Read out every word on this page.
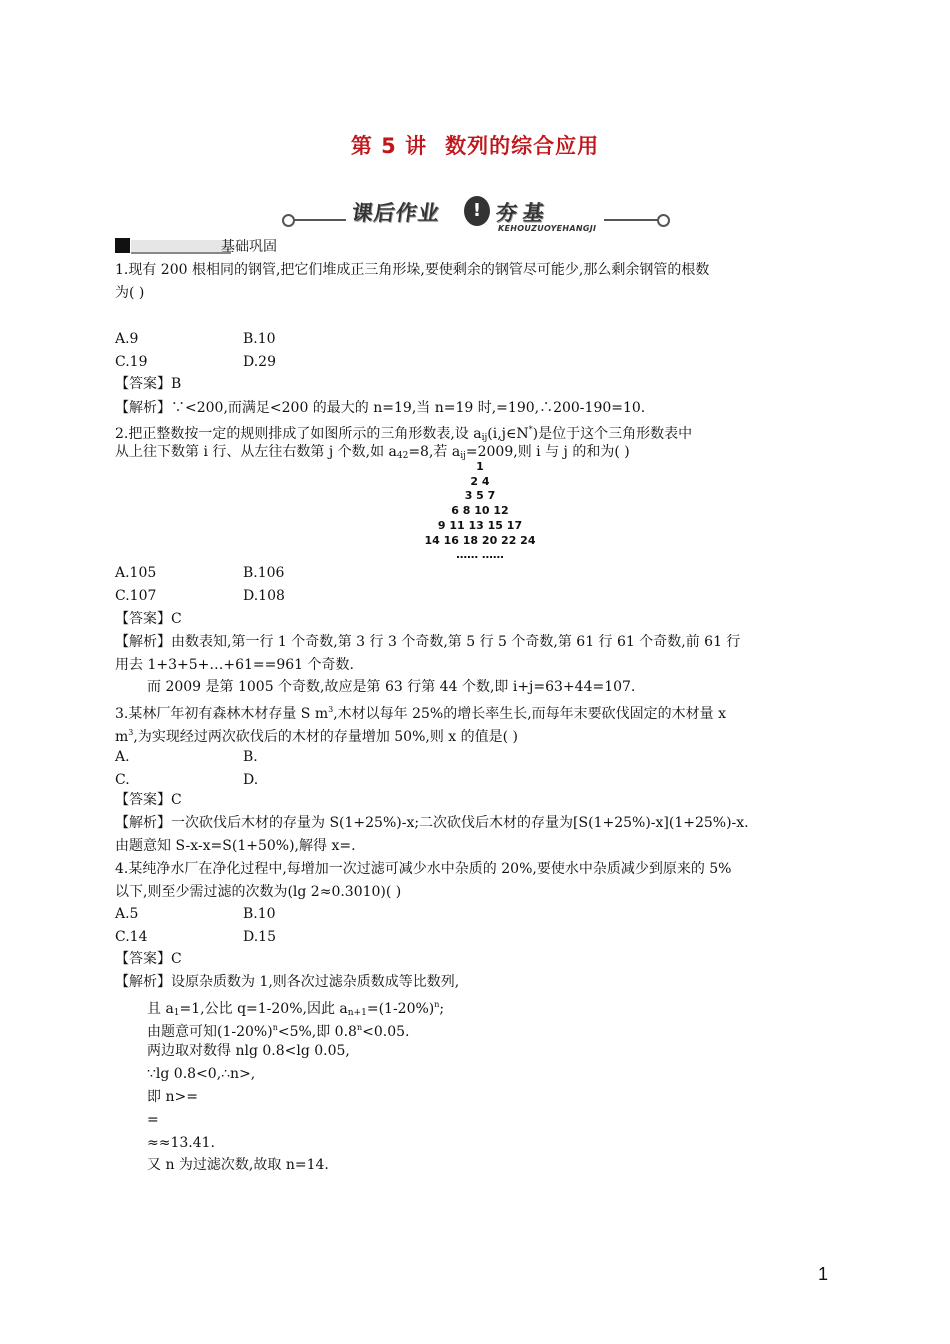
第 5 讲 数列的综合应用
课后作业	! 夯基
KEHOUZUOYEHANGJI
基础巩固
1.现有 200 根相同的钢管,把它们堆成正三角形垛,要使剩余的钢管尽可能少,那么剩余钢管的根数
为( )
A.9	B.10
C.19	D.29
【答案】B
【解析】∵<200,而满足<200 的最大的 n=19,当 n=19 时,=190,∴200-190=10.
2.把正整数按一定的规则排成了如图所示的三角形数表,设 $a_{ij}(i,j\in N^*)$是位于这个三角形数表中
从上往下数第 i 行、从左往右数第 j 个数,如 $a_{42}=8$,若 $a_{ij}=2009$,则 i 与 j 的和为( )
1
2 4
3 5 7
6 8 10 12
9 11 13 15 17
14 16 18 20 22 24
…… ……
A.105	B.106
C.107	D.108
【答案】C
【解析】由数表知,第一行 1 个奇数,第 3 行 3 个奇数,第 5 行 5 个奇数,第 61 行 61 个奇数,前 61 行
用去 1+3+5+…+61==961 个奇数.
而 2009 是第 1005 个奇数,故应是第 63 行第 44 个数,即 i+j=63+44=107.
3.某林厂年初有森林木材存量 S $m^3$,木材以每年 25%的增长率生长,而每年末要砍伐固定的木材量 x
$m^3$,为实现经过两次砍伐后的木材的存量增加 50%,则 x 的值是( )
A.	B.
C.	D.
【答案】C
【解析】一次砍伐后木材的存量为 S(1+25%)-x;二次砍伐后木材的存量为[S(1+25%)-x](1+25%)-x.
由题意知 S-x-x=S(1+50%),解得 x=.
4.某纯净水厂在净化过程中,每增加一次过滤可减少水中杂质的 20%,要使水中杂质减少到原来的 5%
以下,则至少需过滤的次数为(lg 2≈0.3010)( )
A.5	B.10
C.14	D.15
【答案】C
【解析】设原杂质数为 1,则各次过滤杂质数成等比数列,
且 $a_1=1$,公比 q=1-20%,因此 $a_{n+1}=(1-20\%)^n$;
由题意可知$(1-20\%)^n<5\%$,即 $0.8^n<0.05$.
两边取对数得 nlg 0.8<lg 0.05,
∵lg 0.8<0,∴n>,
即 n>=
=
≈≈13.41.
又 n 为过滤次数,故取 n=14.
1
